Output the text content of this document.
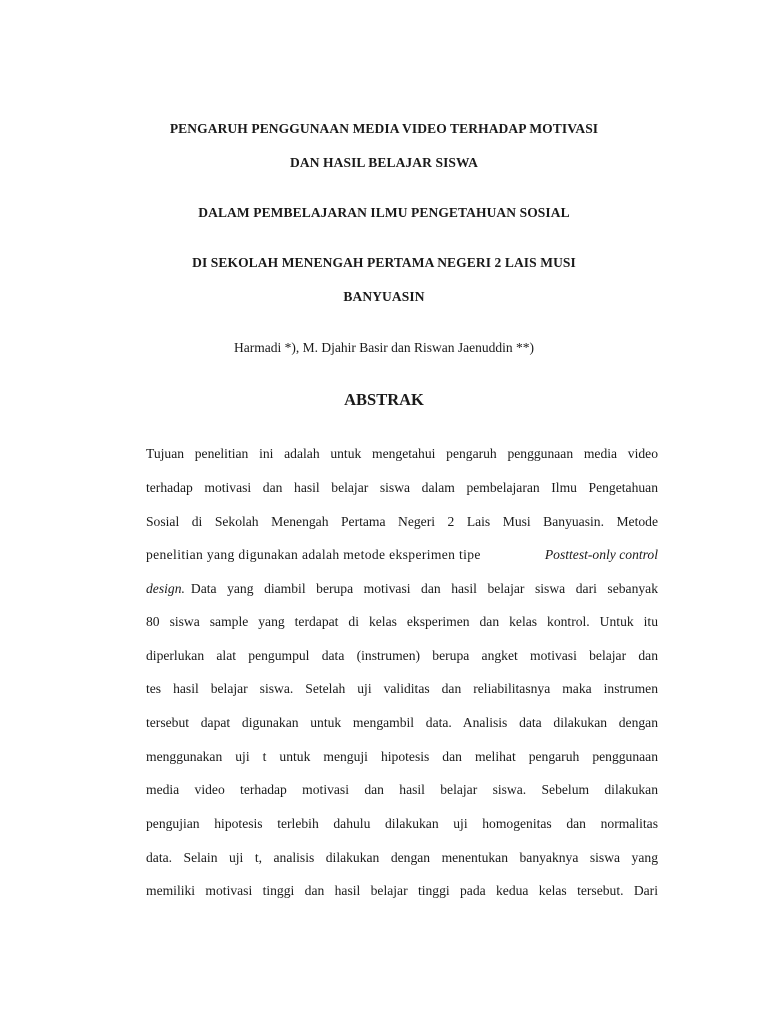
PENGARUH PENGGUNAAN MEDIA VIDEO TERHADAP MOTIVASI
DAN HASIL BELAJAR SISWA
DALAM PEMBELAJARAN ILMU PENGETAHUAN SOSIAL
DI SEKOLAH MENENGAH PERTAMA NEGERI 2 LAIS MUSI
BANYUASIN
Harmadi *), M. Djahir Basir dan Riswan Jaenuddin **)
ABSTRAK
Tujuan penelitian ini adalah untuk mengetahui pengaruh penggunaan media video
terhadap motivasi dan hasil belajar siswa dalam pembelajaran Ilmu Pengetahuan
Sosial di Sekolah Menengah Pertama Negeri 2 Lais Musi Banyuasin. Metode
penelitian yang digunakan adalah metode eksperimen tipe	Posttest-only control
design. Data yang diambil berupa motivasi dan hasil belajar siswa dari sebanyak
80 siswa sample yang terdapat di kelas eksperimen dan kelas kontrol. Untuk itu
diperlukan alat pengumpul data (instrumen) berupa angket motivasi belajar dan
tes hasil belajar siswa. Setelah uji validitas dan reliabilitasnya maka instrumen
tersebut dapat digunakan untuk mengambil data. Analisis data dilakukan dengan
menggunakan uji t untuk menguji hipotesis dan melihat pengaruh penggunaan
media video terhadap motivasi dan hasil belajar siswa. Sebelum dilakukan
pengujian hipotesis terlebih dahulu dilakukan uji homogenitas dan normalitas
data. Selain uji t, analisis dilakukan dengan menentukan banyaknya siswa yang
memiliki motivasi tinggi dan hasil belajar tinggi pada kedua kelas tersebut. Dari
